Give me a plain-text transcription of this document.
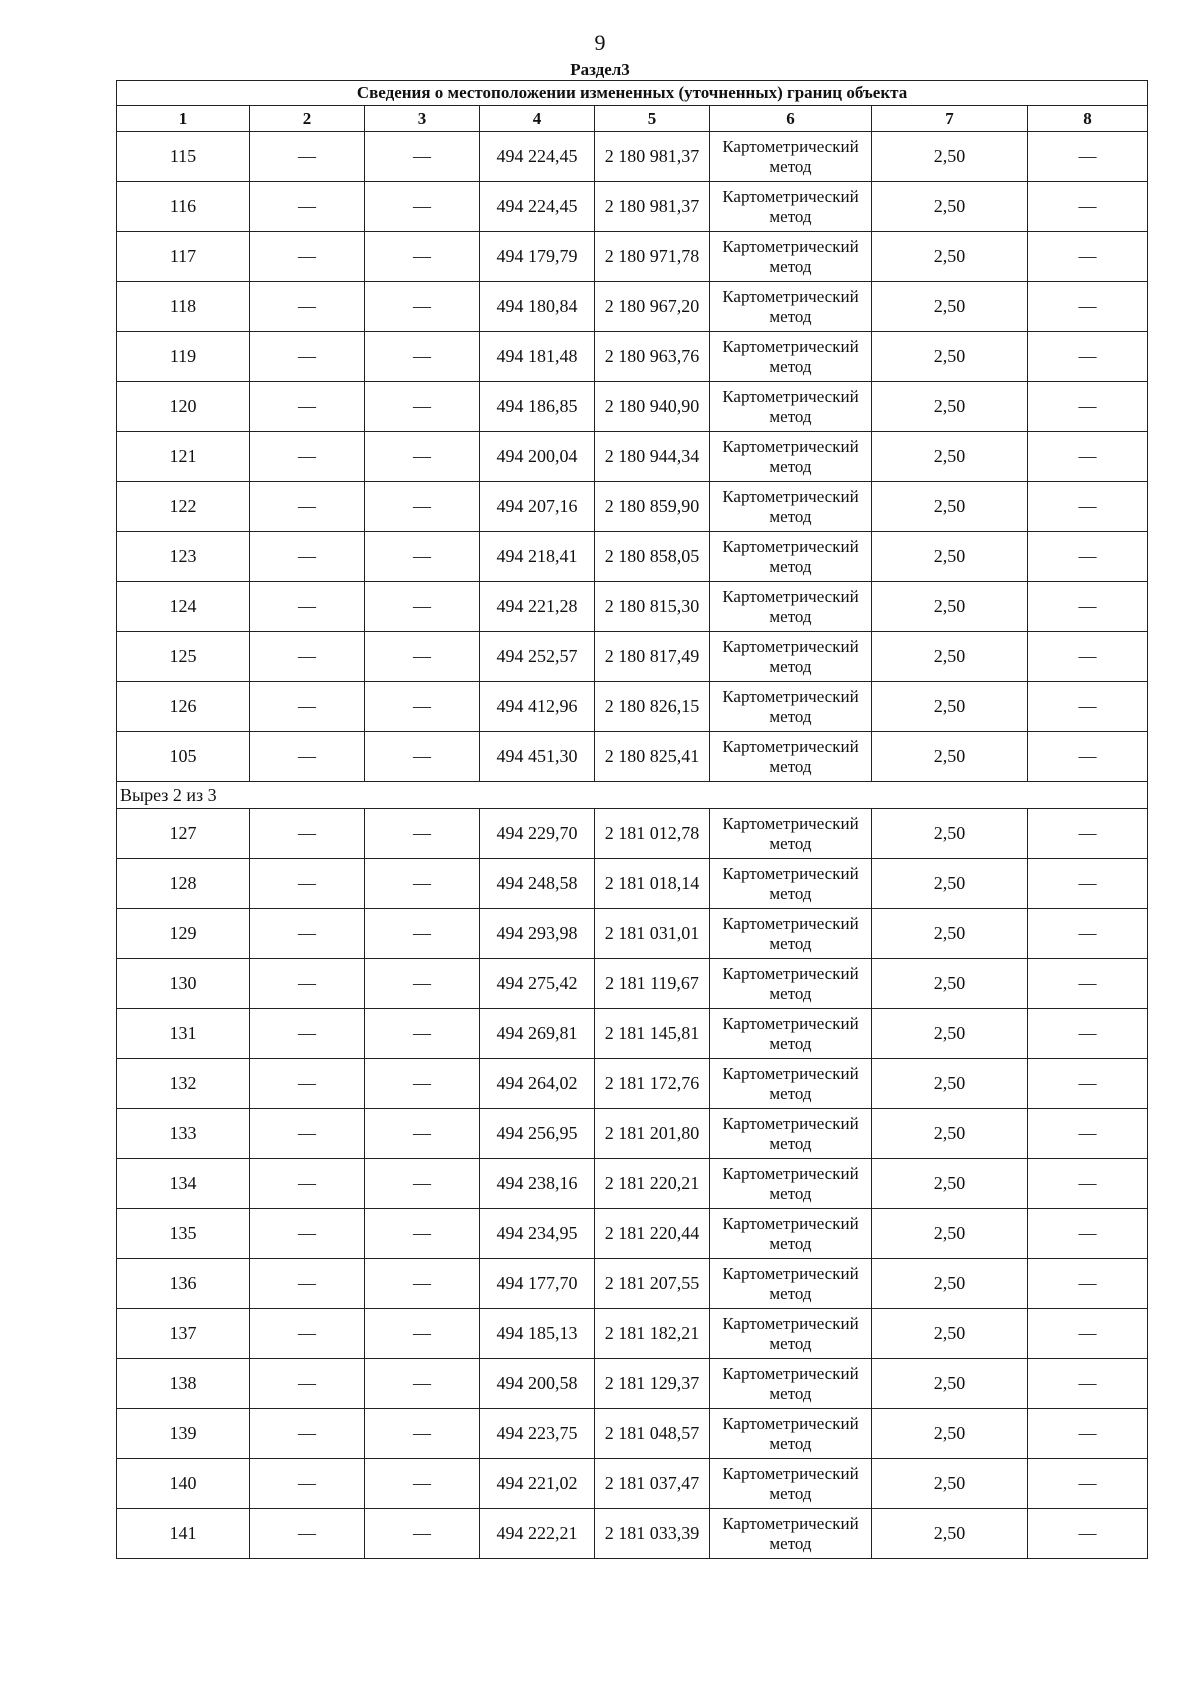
9
Раздел3
Сведения о местоположении измененных (уточненных) границ объекта							
1	2	3	4	5	6	7	8
115	—	—	494 224,45	2 180 981,37	Картометрический метод	2,50	—
116	—	—	494 224,45	2 180 981,37	Картометрический метод	2,50	—
117	—	—	494 179,79	2 180 971,78	Картометрический метод	2,50	—
118	—	—	494 180,84	2 180 967,20	Картометрический метод	2,50	—
119	—	—	494 181,48	2 180 963,76	Картометрический метод	2,50	—
120	—	—	494 186,85	2 180 940,90	Картометрический метод	2,50	—
121	—	—	494 200,04	2 180 944,34	Картометрический метод	2,50	—
122	—	—	494 207,16	2 180 859,90	Картометрический метод	2,50	—
123	—	—	494 218,41	2 180 858,05	Картометрический метод	2,50	—
124	—	—	494 221,28	2 180 815,30	Картометрический метод	2,50	—
125	—	—	494 252,57	2 180 817,49	Картометрический метод	2,50	—
126	—	—	494 412,96	2 180 826,15	Картометрический метод	2,50	—
105	—	—	494 451,30	2 180 825,41	Картометрический метод	2,50	—
Вырез 2 из 3							
127	—	—	494 229,70	2 181 012,78	Картометрический метод	2,50	—
128	—	—	494 248,58	2 181 018,14	Картометрический метод	2,50	—
129	—	—	494 293,98	2 181 031,01	Картометрический метод	2,50	—
130	—	—	494 275,42	2 181 119,67	Картометрический метод	2,50	—
131	—	—	494 269,81	2 181 145,81	Картометрический метод	2,50	—
132	—	—	494 264,02	2 181 172,76	Картометрический метод	2,50	—
133	—	—	494 256,95	2 181 201,80	Картометрический метод	2,50	—
134	—	—	494 238,16	2 181 220,21	Картометрический метод	2,50	—
135	—	—	494 234,95	2 181 220,44	Картометрический метод	2,50	—
136	—	—	494 177,70	2 181 207,55	Картометрический метод	2,50	—
137	—	—	494 185,13	2 181 182,21	Картометрический метод	2,50	—
138	—	—	494 200,58	2 181 129,37	Картометрический метод	2,50	—
139	—	—	494 223,75	2 181 048,57	Картометрический метод	2,50	—
140	—	—	494 221,02	2 181 037,47	Картометрический метод	2,50	—
141	—	—	494 222,21	2 181 033,39	Картометрический метод	2,50	—
